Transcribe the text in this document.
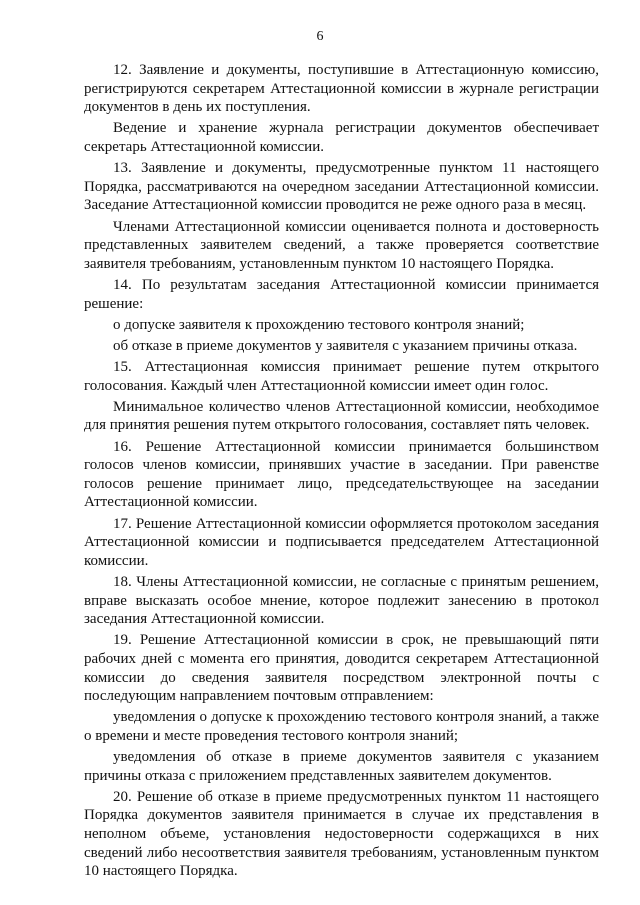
6

12. Заявление и документы, поступившие в Аттестационную комиссию, регистрируются секретарем Аттестационной комиссии в журнале регистрации документов в день их поступления.

Ведение и хранение журнала регистрации документов обеспечивает секретарь Аттестационной комиссии.

13. Заявление и документы, предусмотренные пунктом 11 настоящего Порядка, рассматриваются на очередном заседании Аттестационной комиссии. Заседание Аттестационной комиссии проводится не реже одного раза в месяц.

Членами Аттестационной комиссии оценивается полнота и достоверность представленных заявителем сведений, а также проверяется соответствие заявителя требованиям, установленным пунктом 10 настоящего Порядка.

14. По результатам заседания Аттестационной комиссии принимается решение:

о допуске заявителя к прохождению тестового контроля знаний;

об отказе в приеме документов у заявителя с указанием причины отказа.

15. Аттестационная комиссия принимает решение путем открытого голосования. Каждый член Аттестационной комиссии имеет один голос.

Минимальное количество членов Аттестационной комиссии, необходимое для принятия решения путем открытого голосования, составляет пять человек.

16. Решение Аттестационной комиссии принимается большинством голосов членов комиссии, принявших участие в заседании. При равенстве голосов решение принимает лицо, председательствующее на заседании Аттестационной комиссии.

17. Решение Аттестационной комиссии оформляется протоколом заседания Аттестационной комиссии и подписывается председателем Аттестационной комиссии.

18. Члены Аттестационной комиссии, не согласные с принятым решением, вправе высказать особое мнение, которое подлежит занесению в протокол заседания Аттестационной комиссии.

19. Решение Аттестационной комиссии в срок, не превышающий пяти рабочих дней с момента его принятия, доводится секретарем Аттестационной комиссии до сведения заявителя посредством электронной почты с последующим направлением почтовым отправлением:

уведомления о допуске к прохождению тестового контроля знаний, а также о времени и месте проведения тестового контроля знаний;

уведомления об отказе в приеме документов заявителя с указанием причины отказа с приложением представленных заявителем документов.

20. Решение об отказе в приеме предусмотренных пунктом 11 настоящего Порядка документов заявителя принимается в случае их представления в неполном объеме, установления недостоверности содержащихся в них сведений либо несоответствия заявителя требованиям, установленным пунктом 10 настоящего Порядка.
